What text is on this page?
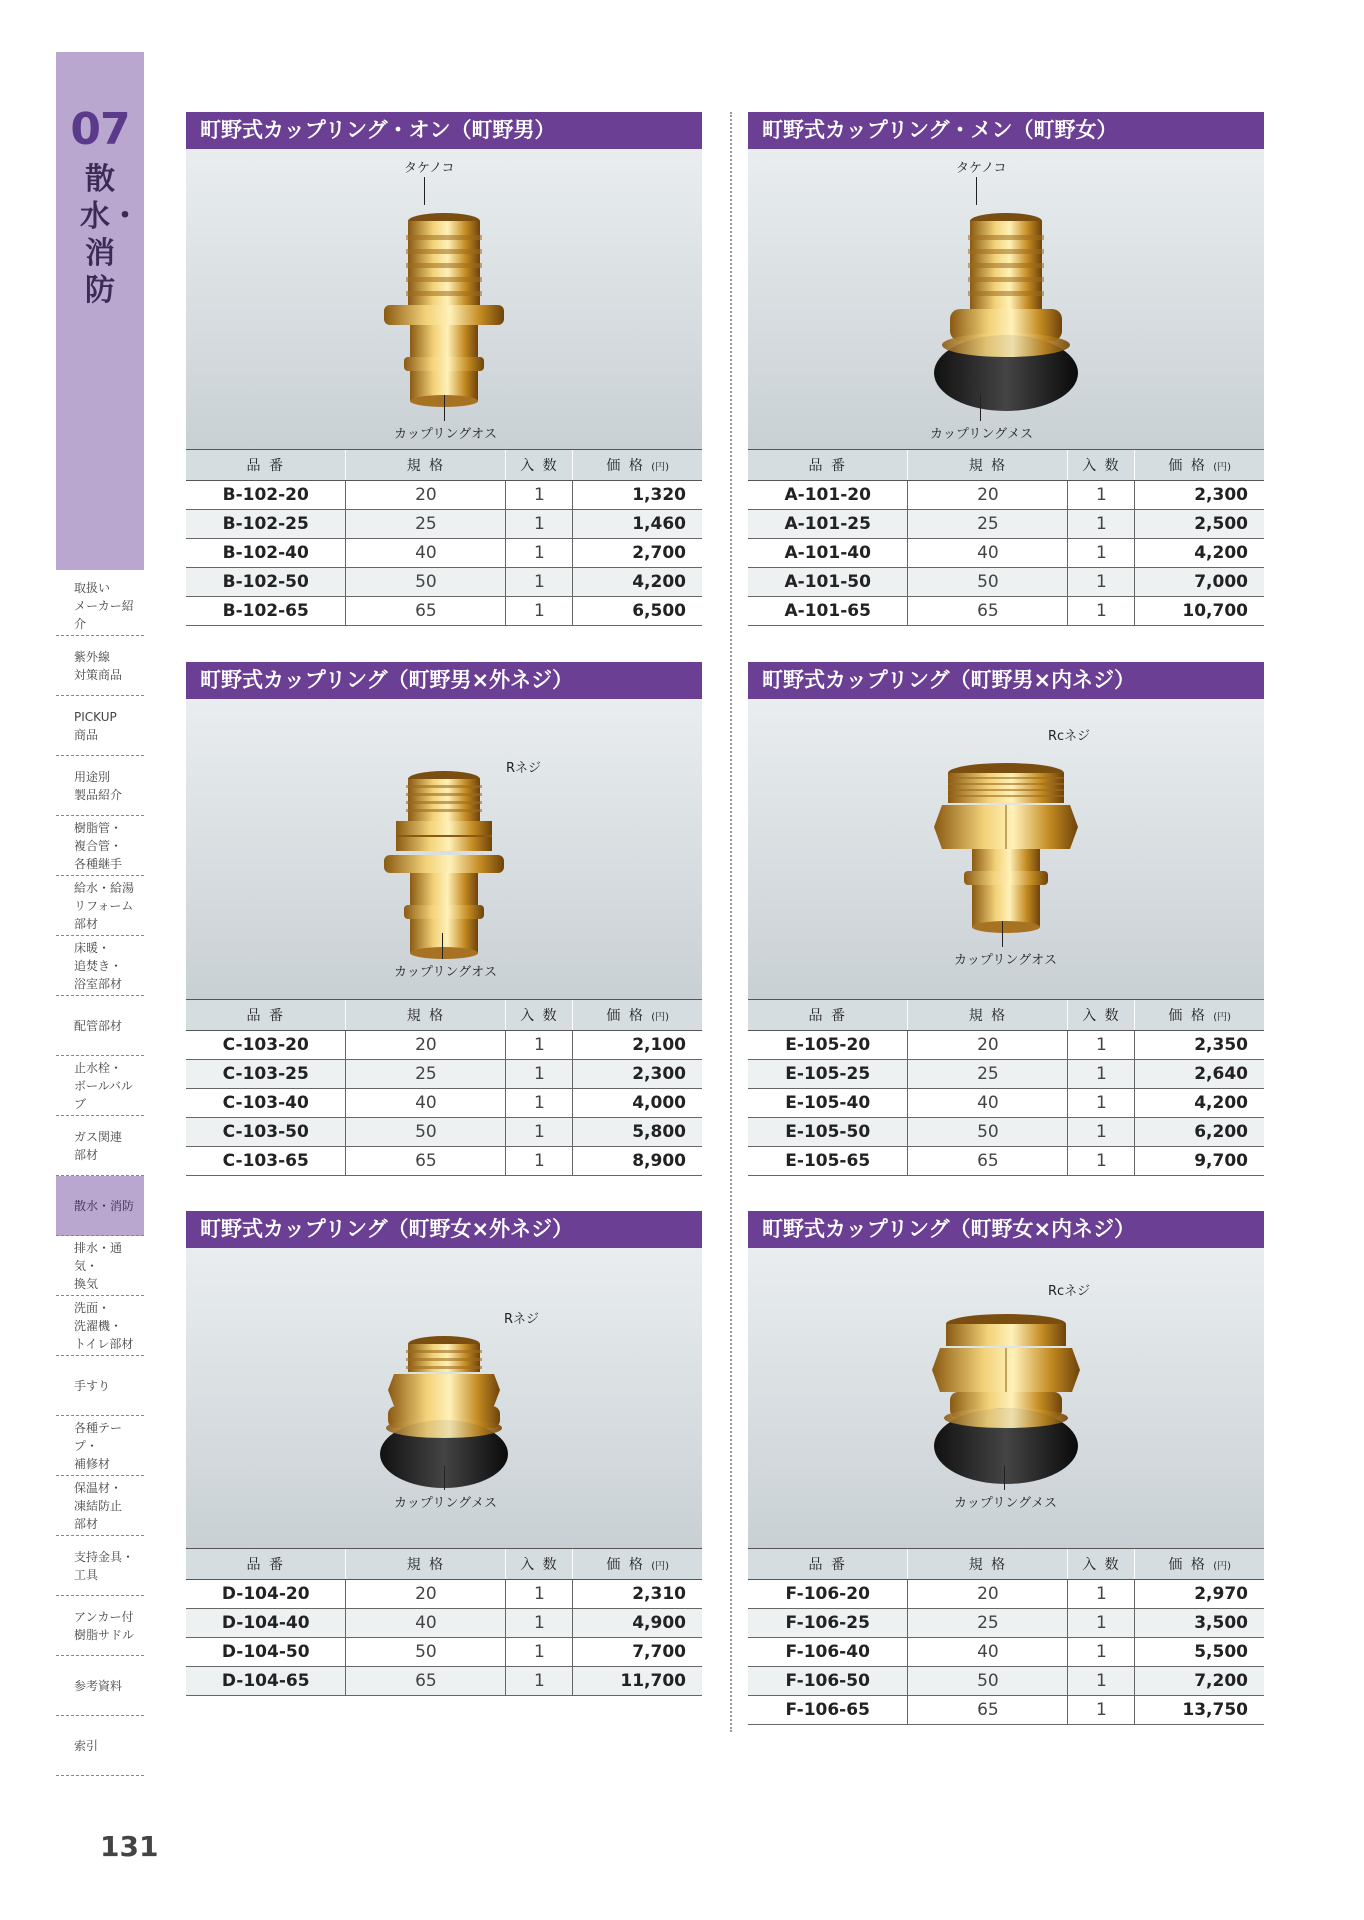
07
散水・消防
取扱い
メーカー紹介
紫外線
対策商品
PICKUP
商品
用途別
製品紹介
樹脂管・
複合管・
各種継手
給水・給湯
リフォーム
部材
床暖・
追焚き・
浴室部材
配管部材
止水栓・
ボールバルブ
ガス関連
部材
散水・消防
排水・通気・
換気
洗面・
洗濯機・
トイレ部材
手すり
各種テープ・
補修材
保温材・
凍結防止
部材
支持金具・
工具
アンカー付
樹脂サドル
参考資料
索引
131
町野式カップリング・オン（町野男）
タケノコ
カップリングオス
品 番	規 格	入 数	価 格 (円)
B-102-20	20	1	1,320
B-102-25	25	1	1,460
B-102-40	40	1	2,700
B-102-50	50	1	4,200
B-102-65	65	1	6,500
町野式カップリング・メン（町野女）
タケノコ
カップリングメス
品 番	規 格	入 数	価 格 (円)
A-101-20	20	1	2,300
A-101-25	25	1	2,500
A-101-40	40	1	4,200
A-101-50	50	1	7,000
A-101-65	65	1	10,700
町野式カップリング（町野男×外ネジ）
Rネジ
カップリングオス
品 番	規 格	入 数	価 格 (円)
C-103-20	20	1	2,100
C-103-25	25	1	2,300
C-103-40	40	1	4,000
C-103-50	50	1	5,800
C-103-65	65	1	8,900
町野式カップリング（町野男×内ネジ）
Rcネジ
カップリングオス
品 番	規 格	入 数	価 格 (円)
E-105-20	20	1	2,350
E-105-25	25	1	2,640
E-105-40	40	1	4,200
E-105-50	50	1	6,200
E-105-65	65	1	9,700
町野式カップリング（町野女×外ネジ）
Rネジ
カップリングメス
品 番	規 格	入 数	価 格 (円)
D-104-20	20	1	2,310
D-104-40	40	1	4,900
D-104-50	50	1	7,700
D-104-65	65	1	11,700
町野式カップリング（町野女×内ネジ）
Rcネジ
カップリングメス
品 番	規 格	入 数	価 格 (円)
F-106-20	20	1	2,970
F-106-25	25	1	3,500
F-106-40	40	1	5,500
F-106-50	50	1	7,200
F-106-65	65	1	13,750
